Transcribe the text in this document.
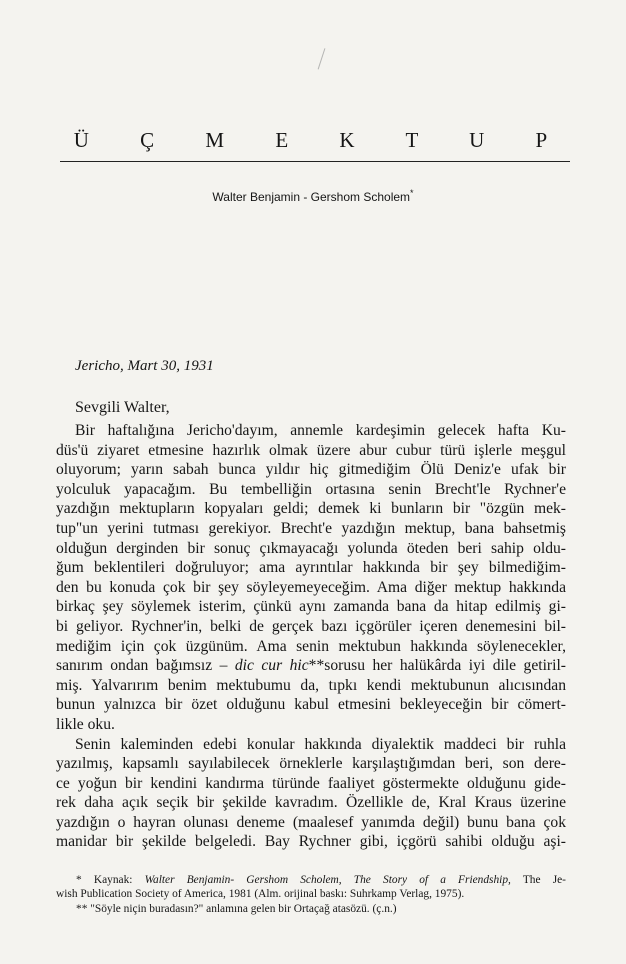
Ü Ç M E K T U P
Walter Benjamin - Gershom Scholem*
Jericho, Mart 30, 1931
Sevgili Walter,
Bir haftalığına Jericho'dayım, annemle kardeşimin gelecek hafta Ku-
düs'ü ziyaret etmesine hazırlık olmak üzere abur cubur türü işlerle meşgul
oluyorum; yarın sabah bunca yıldır hiç gitmediğim Ölü Deniz'e ufak bir
yolculuk yapacağım. Bu tembelliğin ortasına senin Brecht'le Rychner'e
yazdığın mektupların kopyaları geldi; demek ki bunların bir "özgün mek-
tup"un yerini tutması gerekiyor. Brecht'e yazdığın mektup, bana bahsetmiş
olduğun derginden bir sonuç çıkmayacağı yolunda öteden beri sahip oldu-
ğum beklentileri doğruluyor; ama ayrıntılar hakkında bir şey bilmediğim-
den bu konuda çok bir şey söyleyemeyeceğim. Ama diğer mektup hakkında
birkaç şey söylemek isterim, çünkü aynı zamanda bana da hitap edilmiş gi-
bi geliyor. Rychner'in, belki de gerçek bazı içgörüler içeren denemesini bil-
mediğim için çok üzgünüm. Ama senin mektubun hakkında söylenecekler,
sanırım ondan bağımsız – dic cur hic**sorusu her halükârda iyi dile getiril-
miş. Yalvarırım benim mektubumu da, tıpkı kendi mektubunun alıcısından
bunun yalnızca bir özet olduğunu kabul etmesini bekleyeceğin bir cömert-
likle oku.
Senin kaleminden edebi konular hakkında diyalektik maddeci bir ruhla
yazılmış, kapsamlı sayılabilecek örneklerle karşılaştığımdan beri, son dere-
ce yoğun bir kendini kandırma türünde faaliyet göstermekte olduğunu gide-
rek daha açık seçik bir şekilde kavradım. Özellikle de, Kral Kraus üzerine
yazdığın o hayran olunası deneme (maalesef yanımda değil) bunu bana çok
manidar bir şekilde belgeledi. Bay Rychner gibi, içgörü sahibi olduğu aşi-
* Kaynak: Walter Benjamin- Gershom Scholem, The Story of a Friendship, The Je-
wish Publication Society of America, 1981 (Alm. orijinal baskı: Suhrkamp Verlag, 1975).
** "Söyle niçin buradasın?" anlamına gelen bir Ortaçağ atasözü. (ç.n.)
